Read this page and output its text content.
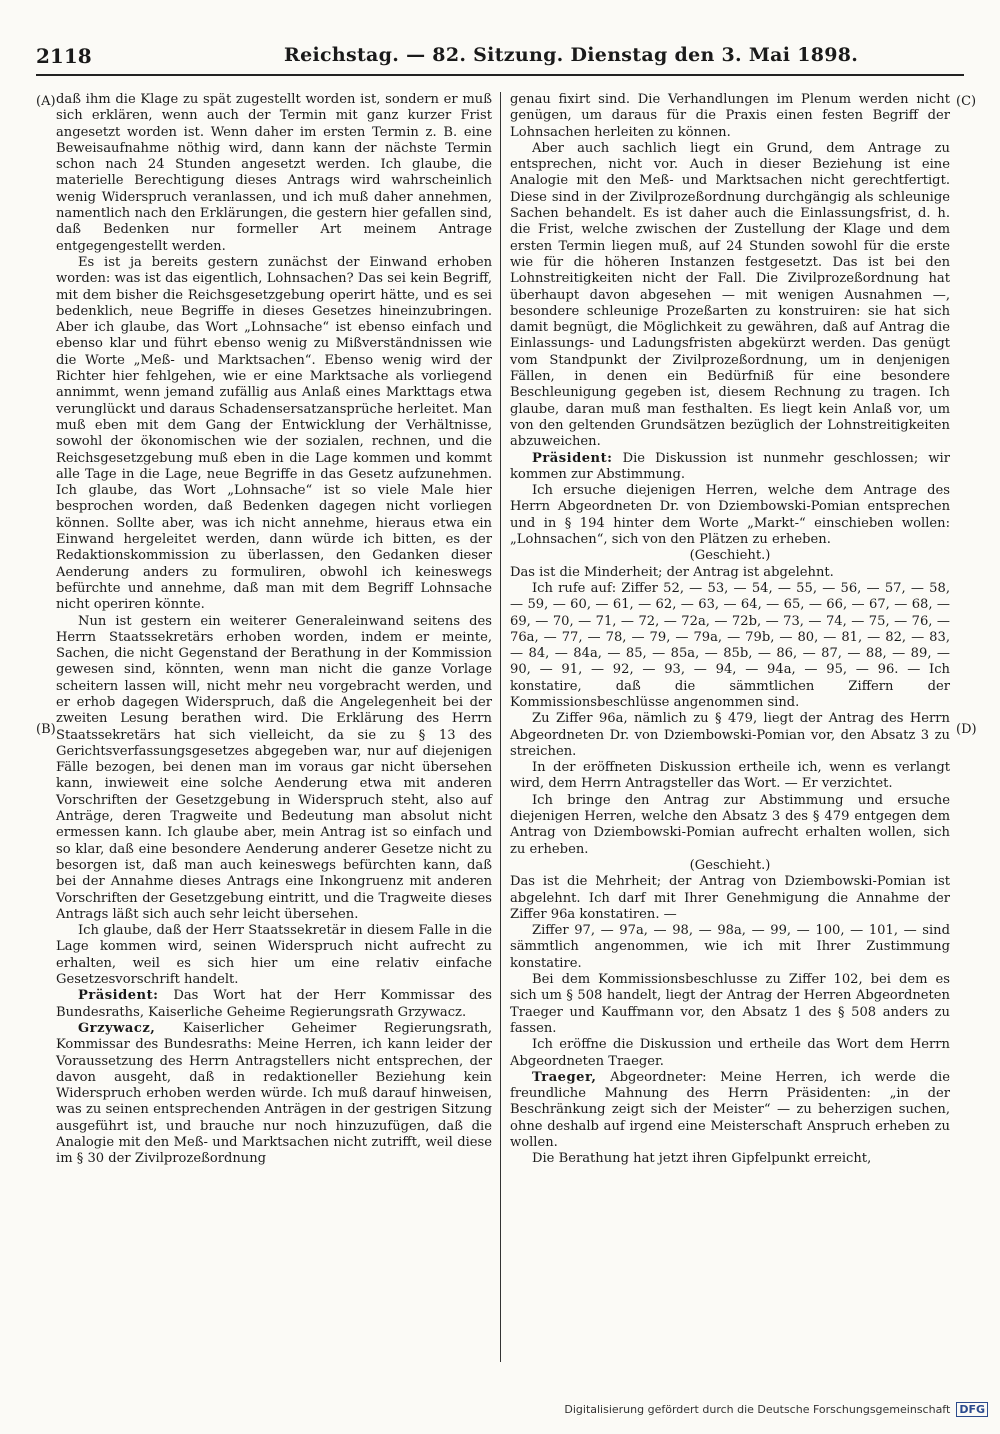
2118	Reichstag. — 82. Sitzung. Dienstag den 3. Mai 1898.
(A)
(B)
(C)
(D)

daß ihm die Klage zu spät zugestellt worden ist, sondern er muß sich erklären, wenn auch der Termin mit ganz kurzer Frist angesetzt worden ist. Wenn daher im ersten Termin z. B. eine Beweisaufnahme nöthig wird, dann kann der nächste Termin schon nach 24 Stunden angesetzt werden. Ich glaube, die materielle Berechtigung dieses Antrags wird wahrscheinlich wenig Widerspruch veranlassen, und ich muß daher annehmen, namentlich nach den Erklärungen, die gestern hier gefallen sind, daß Bedenken nur formeller Art meinem Antrage entgegengestellt werden.

Es ist ja bereits gestern zunächst der Einwand erhoben worden: was ist das eigentlich, Lohnsachen? Das sei kein Begriff, mit dem bisher die Reichsgesetzgebung operirt hätte, und es sei bedenklich, neue Begriffe in dieses Gesetzes hineinzubringen. Aber ich glaube, das Wort „Lohnsache“ ist ebenso einfach und ebenso klar und führt ebenso wenig zu Mißverständnissen wie die Worte „Meß- und Marktsachen“. Ebenso wenig wird der Richter hier fehlgehen, wie er eine Marktsache als vorliegend annimmt, wenn jemand zufällig aus Anlaß eines Markttags etwa verunglückt und daraus Schadensersatzansprüche herleitet. Man muß eben mit dem Gang der Entwicklung der Verhältnisse, sowohl der ökonomischen wie der sozialen, rechnen, und die Reichsgesetzgebung muß eben in die Lage kommen und kommt alle Tage in die Lage, neue Begriffe in das Gesetz aufzunehmen. Ich glaube, das Wort „Lohnsache“ ist so viele Male hier besprochen worden, daß Bedenken dagegen nicht vorliegen können. Sollte aber, was ich nicht annehme, hieraus etwa ein Einwand hergeleitet werden, dann würde ich bitten, es der Redaktionskommission zu überlassen, den Gedanken dieser Aenderung anders zu formuliren, obwohl ich keineswegs befürchte und annehme, daß man mit dem Begriff Lohnsache nicht operiren könnte.

Nun ist gestern ein weiterer Generaleinwand seitens des Herrn Staatssekretärs erhoben worden, indem er meinte, Sachen, die nicht Gegenstand der Berathung in der Kommission gewesen sind, könnten, wenn man nicht die ganze Vorlage scheitern lassen will, nicht mehr neu vorgebracht werden, und er erhob dagegen Widerspruch, daß die Angelegenheit bei der zweiten Lesung berathen wird. Die Erklärung des Herrn Staatssekretärs hat sich vielleicht, da sie zu § 13 des Gerichtsverfassungsgesetzes abgegeben war, nur auf diejenigen Fälle bezogen, bei denen man im voraus gar nicht übersehen kann, inwieweit eine solche Aenderung etwa mit anderen Vorschriften der Gesetzgebung in Widerspruch steht, also auf Anträge, deren Tragweite und Bedeutung man absolut nicht ermessen kann. Ich glaube aber, mein Antrag ist so einfach und so klar, daß eine besondere Aenderung anderer Gesetze nicht zu besorgen ist, daß man auch keineswegs befürchten kann, daß bei der Annahme dieses Antrags eine Inkongruenz mit anderen Vorschriften der Gesetzgebung eintritt, und die Tragweite dieses Antrags läßt sich auch sehr leicht übersehen.

Ich glaube, daß der Herr Staatssekretär in diesem Falle in die Lage kommen wird, seinen Widerspruch nicht aufrecht zu erhalten, weil es sich hier um eine relativ einfache Gesetzesvorschrift handelt.

Präsident: Das Wort hat der Herr Kommissar des Bundesraths, Kaiserliche Geheime Regierungsrath Grzywacz.

Grzywacz, Kaiserlicher Geheimer Regierungsrath, Kommissar des Bundesraths: Meine Herren, ich kann leider der Voraussetzung des Herrn Antragstellers nicht entsprechen, der davon ausgeht, daß in redaktioneller Beziehung kein Widerspruch erhoben werden würde. Ich muß darauf hinweisen, was zu seinen entsprechenden Anträgen in der gestrigen Sitzung ausgeführt ist, und brauche nur noch hinzuzufügen, daß die Analogie mit den Meß- und Marktsachen nicht zutrifft, weil diese im § 30 der Zivilprozeßordnung

genau fixirt sind. Die Verhandlungen im Plenum werden nicht genügen, um daraus für die Praxis einen festen Begriff der Lohnsachen herleiten zu können.

Aber auch sachlich liegt ein Grund, dem Antrage zu entsprechen, nicht vor. Auch in dieser Beziehung ist eine Analogie mit den Meß- und Marktsachen nicht gerechtfertigt. Diese sind in der Zivilprozeßordnung durchgängig als schleunige Sachen behandelt. Es ist daher auch die Einlassungsfrist, d. h. die Frist, welche zwischen der Zustellung der Klage und dem ersten Termin liegen muß, auf 24 Stunden sowohl für die erste wie für die höheren Instanzen festgesetzt. Das ist bei den Lohnstreitigkeiten nicht der Fall. Die Zivilprozeßordnung hat überhaupt davon abgesehen — mit wenigen Ausnahmen —, besondere schleunige Prozeßarten zu konstruiren: sie hat sich damit begnügt, die Möglichkeit zu gewähren, daß auf Antrag die Einlassungs- und Ladungsfristen abgekürzt werden. Das genügt vom Standpunkt der Zivilprozeßordnung, um in denjenigen Fällen, in denen ein Bedürfniß für eine besondere Beschleunigung gegeben ist, diesem Rechnung zu tragen. Ich glaube, daran muß man festhalten. Es liegt kein Anlaß vor, um von den geltenden Grundsätzen bezüglich der Lohnstreitigkeiten abzuweichen.

Präsident: Die Diskussion ist nunmehr geschlossen; wir kommen zur Abstimmung.

Ich ersuche diejenigen Herren, welche dem Antrage des Herrn Abgeordneten Dr. von Dziembowski-Pomian entsprechen und in § 194 hinter dem Worte „Markt-“ einschieben wollen: „Lohnsachen“, sich von den Plätzen zu erheben.

(Geschieht.)

Das ist die Minderheit; der Antrag ist abgelehnt.

Ich rufe auf: Ziffer 52, — 53, — 54, — 55, — 56, — 57, — 58, — 59, — 60, — 61, — 62, — 63, — 64, — 65, — 66, — 67, — 68, — 69, — 70, — 71, — 72, — 72a, — 72b, — 73, — 74, — 75, — 76, — 76a, — 77, — 78, — 79, — 79a, — 79b, — 80, — 81, — 82, — 83, — 84, — 84a, — 85, — 85a, — 85b, — 86, — 87, — 88, — 89, — 90, — 91, — 92, — 93, — 94, — 94a, — 95, — 96. — Ich konstatire, daß die sämmtlichen Ziffern der Kommissionsbeschlüsse angenommen sind.

Zu Ziffer 96a, nämlich zu § 479, liegt der Antrag des Herrn Abgeordneten Dr. von Dziembowski-Pomian vor, den Absatz 3 zu streichen.

In der eröffneten Diskussion ertheile ich, wenn es verlangt wird, dem Herrn Antragsteller das Wort. — Er verzichtet.

Ich bringe den Antrag zur Abstimmung und ersuche diejenigen Herren, welche den Absatz 3 des § 479 entgegen dem Antrag von Dziembowski-Pomian aufrecht erhalten wollen, sich zu erheben.

(Geschieht.)

Das ist die Mehrheit; der Antrag von Dziembowski-Pomian ist abgelehnt. Ich darf mit Ihrer Genehmigung die Annahme der Ziffer 96a konstatiren. —

Ziffer 97, — 97a, — 98, — 98a, — 99, — 100, — 101, — sind sämmtlich angenommen, wie ich mit Ihrer Zustimmung konstatire.

Bei dem Kommissionsbeschlusse zu Ziffer 102, bei dem es sich um § 508 handelt, liegt der Antrag der Herren Abgeordneten Traeger und Kauffmann vor, den Absatz 1 des § 508 anders zu fassen.

Ich eröffne die Diskussion und ertheile das Wort dem Herrn Abgeordneten Traeger.

Traeger, Abgeordneter: Meine Herren, ich werde die freundliche Mahnung des Herrn Präsidenten: „in der Beschränkung zeigt sich der Meister“ — zu beherzigen suchen, ohne deshalb auf irgend eine Meisterschaft Anspruch erheben zu wollen.

Die Berathung hat jetzt ihren Gipfelpunkt erreicht,

Digitalisierung gefördert durch die Deutsche Forschungsgemeinschaft DFG
